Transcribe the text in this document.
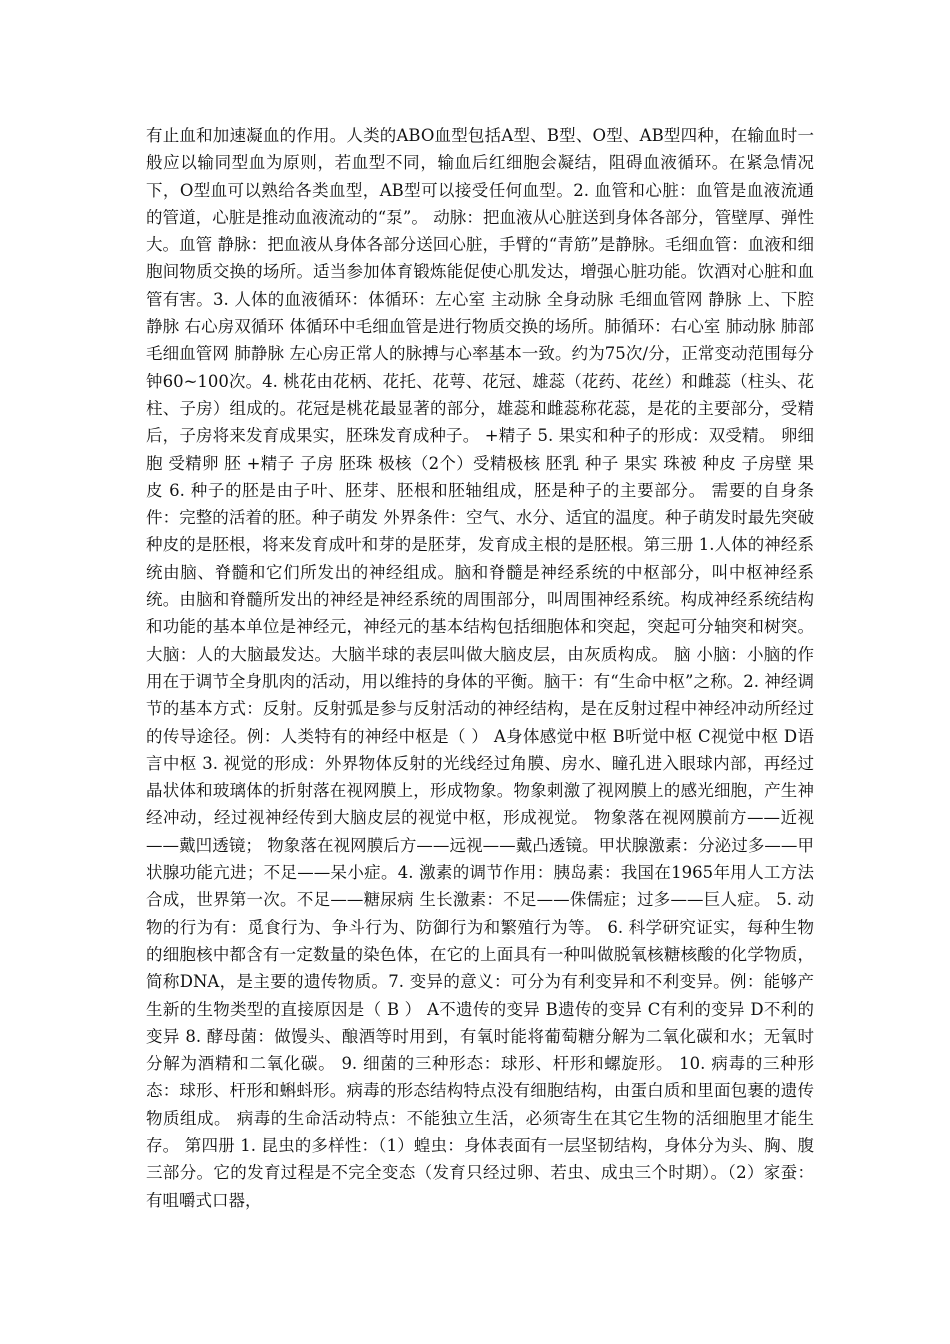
有止血和加速凝血的作用。人类的ABO血型包括A型、B型、O型、AB型四种，在输血时一般应以输同型血为原则，若血型不同，输血后红细胞会凝结，阻碍血液循环。在紧急情况下，O型血可以熟给各类血型，AB型可以接受任何血型。2. 血管和心脏：血管是血液流通的管道，心脏是推动血液流动的“泵”。 动脉：把血液从心脏送到身体各部分，管壁厚、弹性大。血管 静脉：把血液从身体各部分送回心脏，手臂的“青筋”是静脉。毛细血管：血液和细胞间物质交换的场所。适当参加体育锻炼能促使心肌发达，增强心脏功能。饮酒对心脏和血管有害。3. 人体的血液循环：体循环：左心室 主动脉 全身动脉 毛细血管网 静脉 上、下腔静脉 右心房双循环 体循环中毛细血管是进行物质交换的场所。肺循环：右心室 肺动脉 肺部毛细血管网 肺静脉 左心房正常人的脉搏与心率基本一致。约为75次/分，正常变动范围每分钟60~100次。4. 桃花由花柄、花托、花萼、花冠、雄蕊（花药、花丝）和雌蕊（柱头、花柱、子房）组成的。花冠是桃花最显著的部分，雄蕊和雌蕊称花蕊，是花的主要部分，受精后，子房将来发育成果实，胚珠发育成种子。 +精子 5. 果实和种子的形成：双受精。 卵细胞 受精卵 胚 +精子 子房 胚珠 极核（2个）受精极核 胚乳 种子 果实 珠被 种皮 子房壁 果皮 6. 种子的胚是由子叶、胚芽、胚根和胚轴组成，胚是种子的主要部分。 需要的自身条件：完整的活着的胚。种子萌发 外界条件：空气、水分、适宜的温度。种子萌发时最先突破种皮的是胚根，将来发育成叶和芽的是胚芽，发育成主根的是胚根。第三册 1.人体的神经系统由脑、脊髓和它们所发出的神经组成。脑和脊髓是神经系统的中枢部分，叫中枢神经系统。由脑和脊髓所发出的神经是神经系统的周围部分，叫周围神经系统。构成神经系统结构和功能的基本单位是神经元，神经元的基本结构包括细胞体和突起，突起可分轴突和树突。 大脑：人的大脑最发达。大脑半球的表层叫做大脑皮层，由灰质构成。 脑 小脑：小脑的作用在于调节全身肌肉的活动，用以维持的身体的平衡。脑干：有“生命中枢”之称。2. 神经调节的基本方式：反射。反射弧是参与反射活动的神经结构，是在反射过程中神经冲动所经过的传导途径。例：人类特有的神经中枢是（ ） A身体感觉中枢 B听觉中枢 C视觉中枢 D语言中枢 3. 视觉的形成：外界物体反射的光线经过角膜、房水、瞳孔进入眼球内部，再经过晶状体和玻璃体的折射落在视网膜上，形成物象。物象刺激了视网膜上的感光细胞，产生神经冲动，经过视神经传到大脑皮层的视觉中枢，形成视觉。 物象落在视网膜前方——近视——戴凹透镜； 物象落在视网膜后方——远视——戴凸透镜。甲状腺激素：分泌过多——甲状腺功能亢进；不足——呆小症。4. 激素的调节作用：胰岛素：我国在1965年用人工方法合成，世界第一次。不足——糖尿病 生长激素：不足——侏儒症；过多——巨人症。 5. 动物的行为有：觅食行为、争斗行为、防御行为和繁殖行为等。 6. 科学研究证实，每种生物的细胞核中都含有一定数量的染色体，在它的上面具有一种叫做脱氧核糖核酸的化学物质，简称DNA，是主要的遗传物质。7. 变异的意义：可分为有利变异和不利变异。例：能够产生新的生物类型的直接原因是（ B ） A不遗传的变异 B遗传的变异 C有利的变异 D不利的变异 8. 酵母菌：做馒头、酿酒等时用到，有氧时能将葡萄糖分解为二氧化碳和水；无氧时分解为酒精和二氧化碳。 9. 细菌的三种形态：球形、杆形和螺旋形。 10. 病毒的三种形态：球形、杆形和蝌蚪形。病毒的形态结构特点没有细胞结构，由蛋白质和里面包裹的遗传物质组成。 病毒的生命活动特点：不能独立生活，必须寄生在其它生物的活细胞里才能生存。 第四册 1. 昆虫的多样性：（1）蝗虫：身体表面有一层坚韧结构，身体分为头、胸、腹三部分。它的发育过程是不完全变态（发育只经过卵、若虫、成虫三个时期）。（2）家蚕：有咀嚼式口器，
